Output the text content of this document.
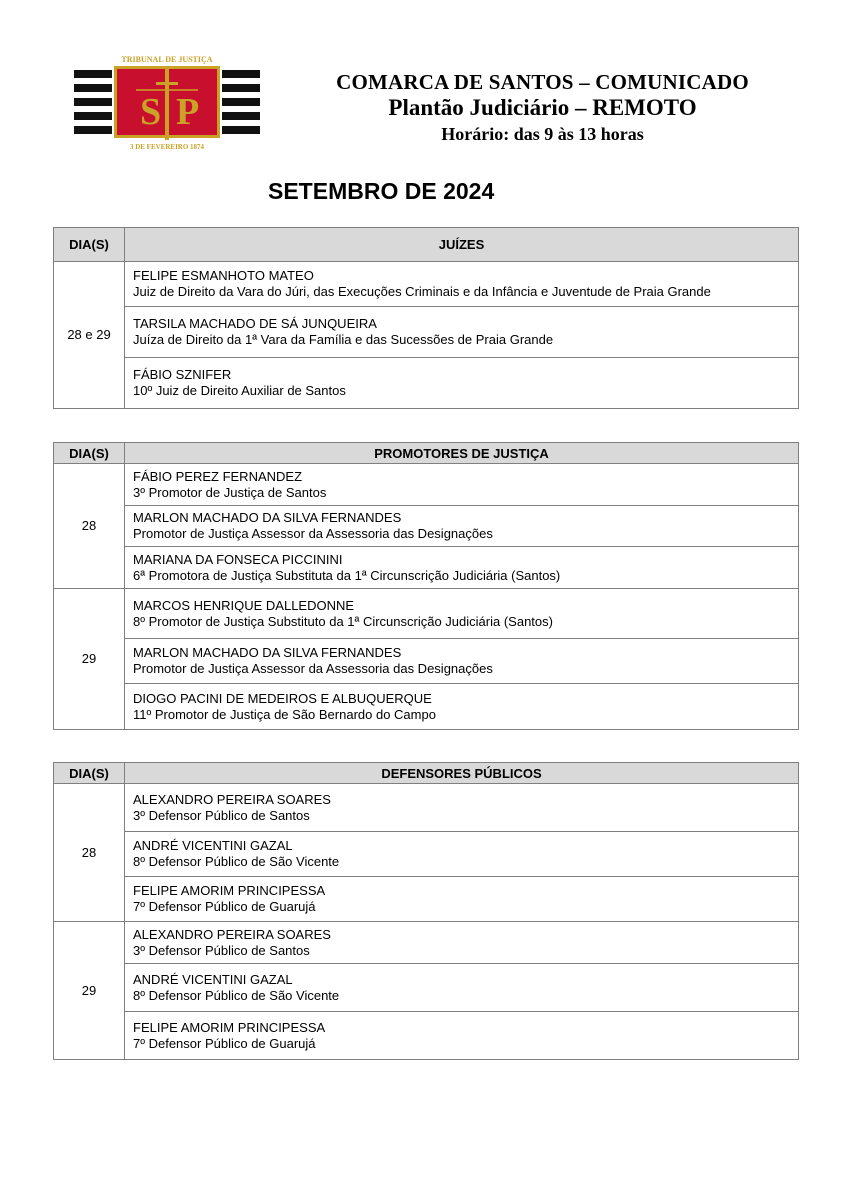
S P
TRIBUNAL DE JUSTIÇA
3 DE FEVEREIRO 1874
COMARCA DE SANTOS – COMUNICADO
Plantão Judiciário – REMOTO
Horário: das 9 às 13 horas
SETEMBRO DE 2024
DIA(S)	JUÍZES
28 e 29	FELIPE ESMANHOTO MATEO
Juiz de Direito da Vara do Júri, das Execuções Criminais e da Infância e Juventude de Praia Grande

	TARSILA MACHADO DE SÁ JUNQUEIRA
Juíza de Direito da 1ª Vara da Família e das Sucessões de Praia Grande

	FÁBIO SZNIFER
10º Juiz de Direito Auxiliar de Santos
DIA(S)	PROMOTORES DE JUSTIÇA
28	FÁBIO PEREZ FERNANDEZ
3º Promotor de Justiça de Santos

	MARLON MACHADO DA SILVA FERNANDES
Promotor de Justiça Assessor da Assessoria das Designações

	MARIANA DA FONSECA PICCININI
6ª Promotora de Justiça Substituta da 1ª Circunscrição Judiciária (Santos)

29	MARCOS HENRIQUE DALLEDONNE
8º Promotor de Justiça Substituto da 1ª Circunscrição Judiciária (Santos)

	MARLON MACHADO DA SILVA FERNANDES
Promotor de Justiça Assessor da Assessoria das Designações

	DIOGO PACINI DE MEDEIROS E ALBUQUERQUE
11º Promotor de Justiça de São Bernardo do Campo
DIA(S)	DEFENSORES PÚBLICOS
28	ALEXANDRO PEREIRA SOARES
3º Defensor Público de Santos

	ANDRÉ VICENTINI GAZAL
8º Defensor Público de São Vicente

	FELIPE AMORIM PRINCIPESSA
7º Defensor Público de Guarujá

29	ALEXANDRO PEREIRA SOARES
3º Defensor Público de Santos

	ANDRÉ VICENTINI GAZAL
8º Defensor Público de São Vicente

	FELIPE AMORIM PRINCIPESSA
7º Defensor Público de Guarujá
